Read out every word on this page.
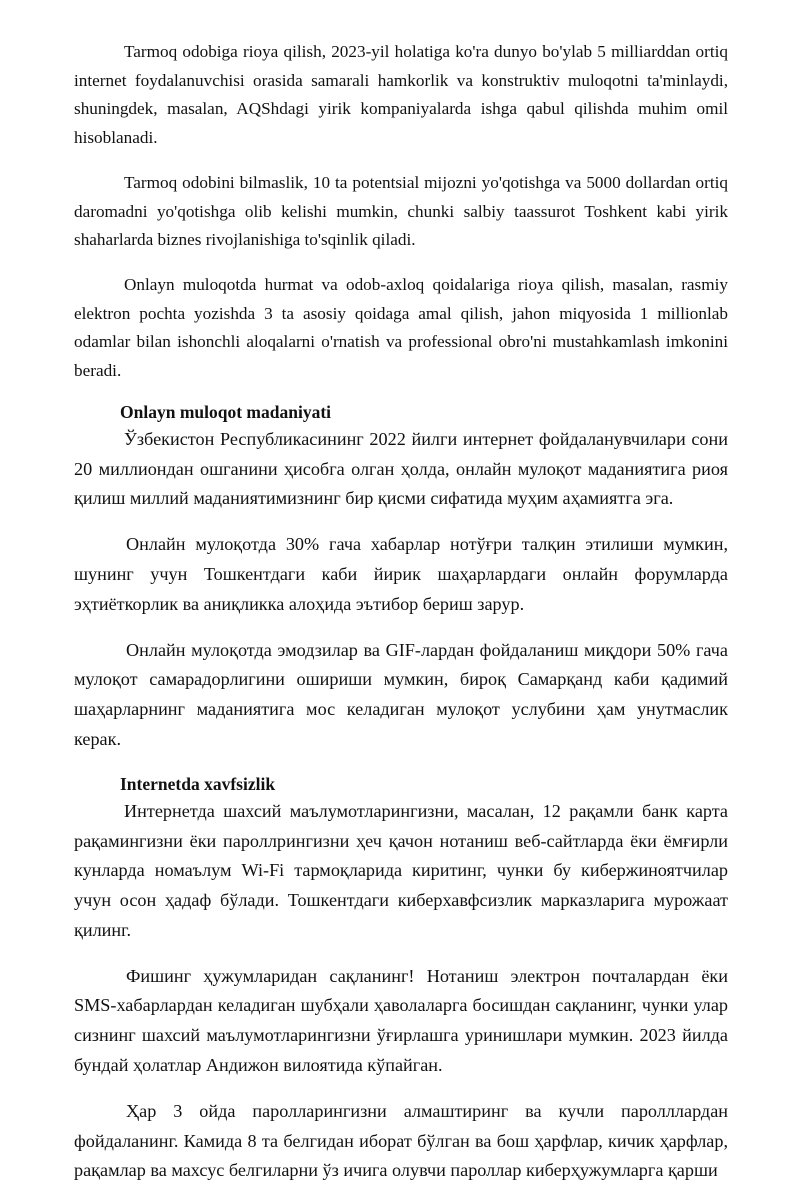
Tarmoq odobiga rioya qilish, 2023-yil holatiga ko'ra dunyo bo'ylab 5 milliarddan ortiq internet foydalanuvchisi orasida samarali hamkorlik va konstruktiv muloqotni ta'minlaydi, shuningdek, masalan, AQShdagi yirik kompaniyalarda ishga qabul qilishda muhim omil hisoblanadi.

Tarmoq odobini bilmaslik, 10 ta potentsial mijozni yo'qotishga va 5000 dollardan ortiq daromadni yo'qotishga olib kelishi mumkin, chunki salbiy taassurot Toshkent kabi yirik shaharlarda biznes rivojlanishiga to'sqinlik qiladi.

Onlayn muloqotda hurmat va odob-axloq qoidalariga rioya qilish, masalan, rasmiy elektron pochta yozishda 3 ta asosiy qoidaga amal qilish, jahon miqyosida 1 millionlab odamlar bilan ishonchli aloqalarni o'rnatish va professional obro'ni mustahkamlash imkonini beradi.

Onlayn muloqot madaniyati

Ўзбекистон Республикасининг 2022 йилги интернет фойдаланувчилари сони 20 миллиондан ошганини ҳисобга олган ҳолда, онлайн мулоқот маданиятига риоя қилиш миллий маданиятимизнинг бир қисми сифатида муҳим аҳамиятга эга.

Онлайн мулоқотда 30% гача хабарлар нотўғри талқин этилиши мумкин, шунинг учун Тошкентдаги каби йирик шаҳарлардаги онлайн форумларда эҳтиёткорлик ва аниқликка алоҳида эътибор бериш зарур.

Онлайн мулоқотда эмодзилар ва GIF-лардан фойдаланиш миқдори 50% гача мулоқот самарадорлигини ошириши мумкин, бироқ Самарқанд каби қадимий шаҳарларнинг маданиятига мос келадиган мулоқот услубини ҳам унутмаслик керак.

Internetda xavfsizlik

Интернетда шахсий маълумотларингизни, масалан, 12 рақамли банк карта рақамингизни ёки пароллрингизни ҳеч қачон нотаниш веб-сайтларда ёки ёмғирли кунларда номаълум Wi-Fi тармоқларида киритинг, чунки бу кибержиноятчилар учун осон ҳадаф бўлади. Тошкентдаги киберхавфсизлик марказларига мурожаат қилинг.

Фишинг ҳужумларидан сақланинг! Нотаниш электрон почталардан ёки SMS-хабарлардан келадиган шубҳали ҳаволаларга босишдан сақланинг, чунки улар сизнинг шахсий маълумотларингизни ўғирлашга уринишлари мумкин. 2023 йилда бундай ҳолатлар Андижон вилоятида кўпайган.

Ҳар 3 ойда паролларингизни алмаштиринг ва кучли паролллардан фойдаланинг. Камида 8 та белгидан иборат бўлган ва бош ҳарфлар, кичик ҳарфлар, рақамлар ва махсус белгиларни ўз ичига олувчи пароллар киберҳужумларга қарши
